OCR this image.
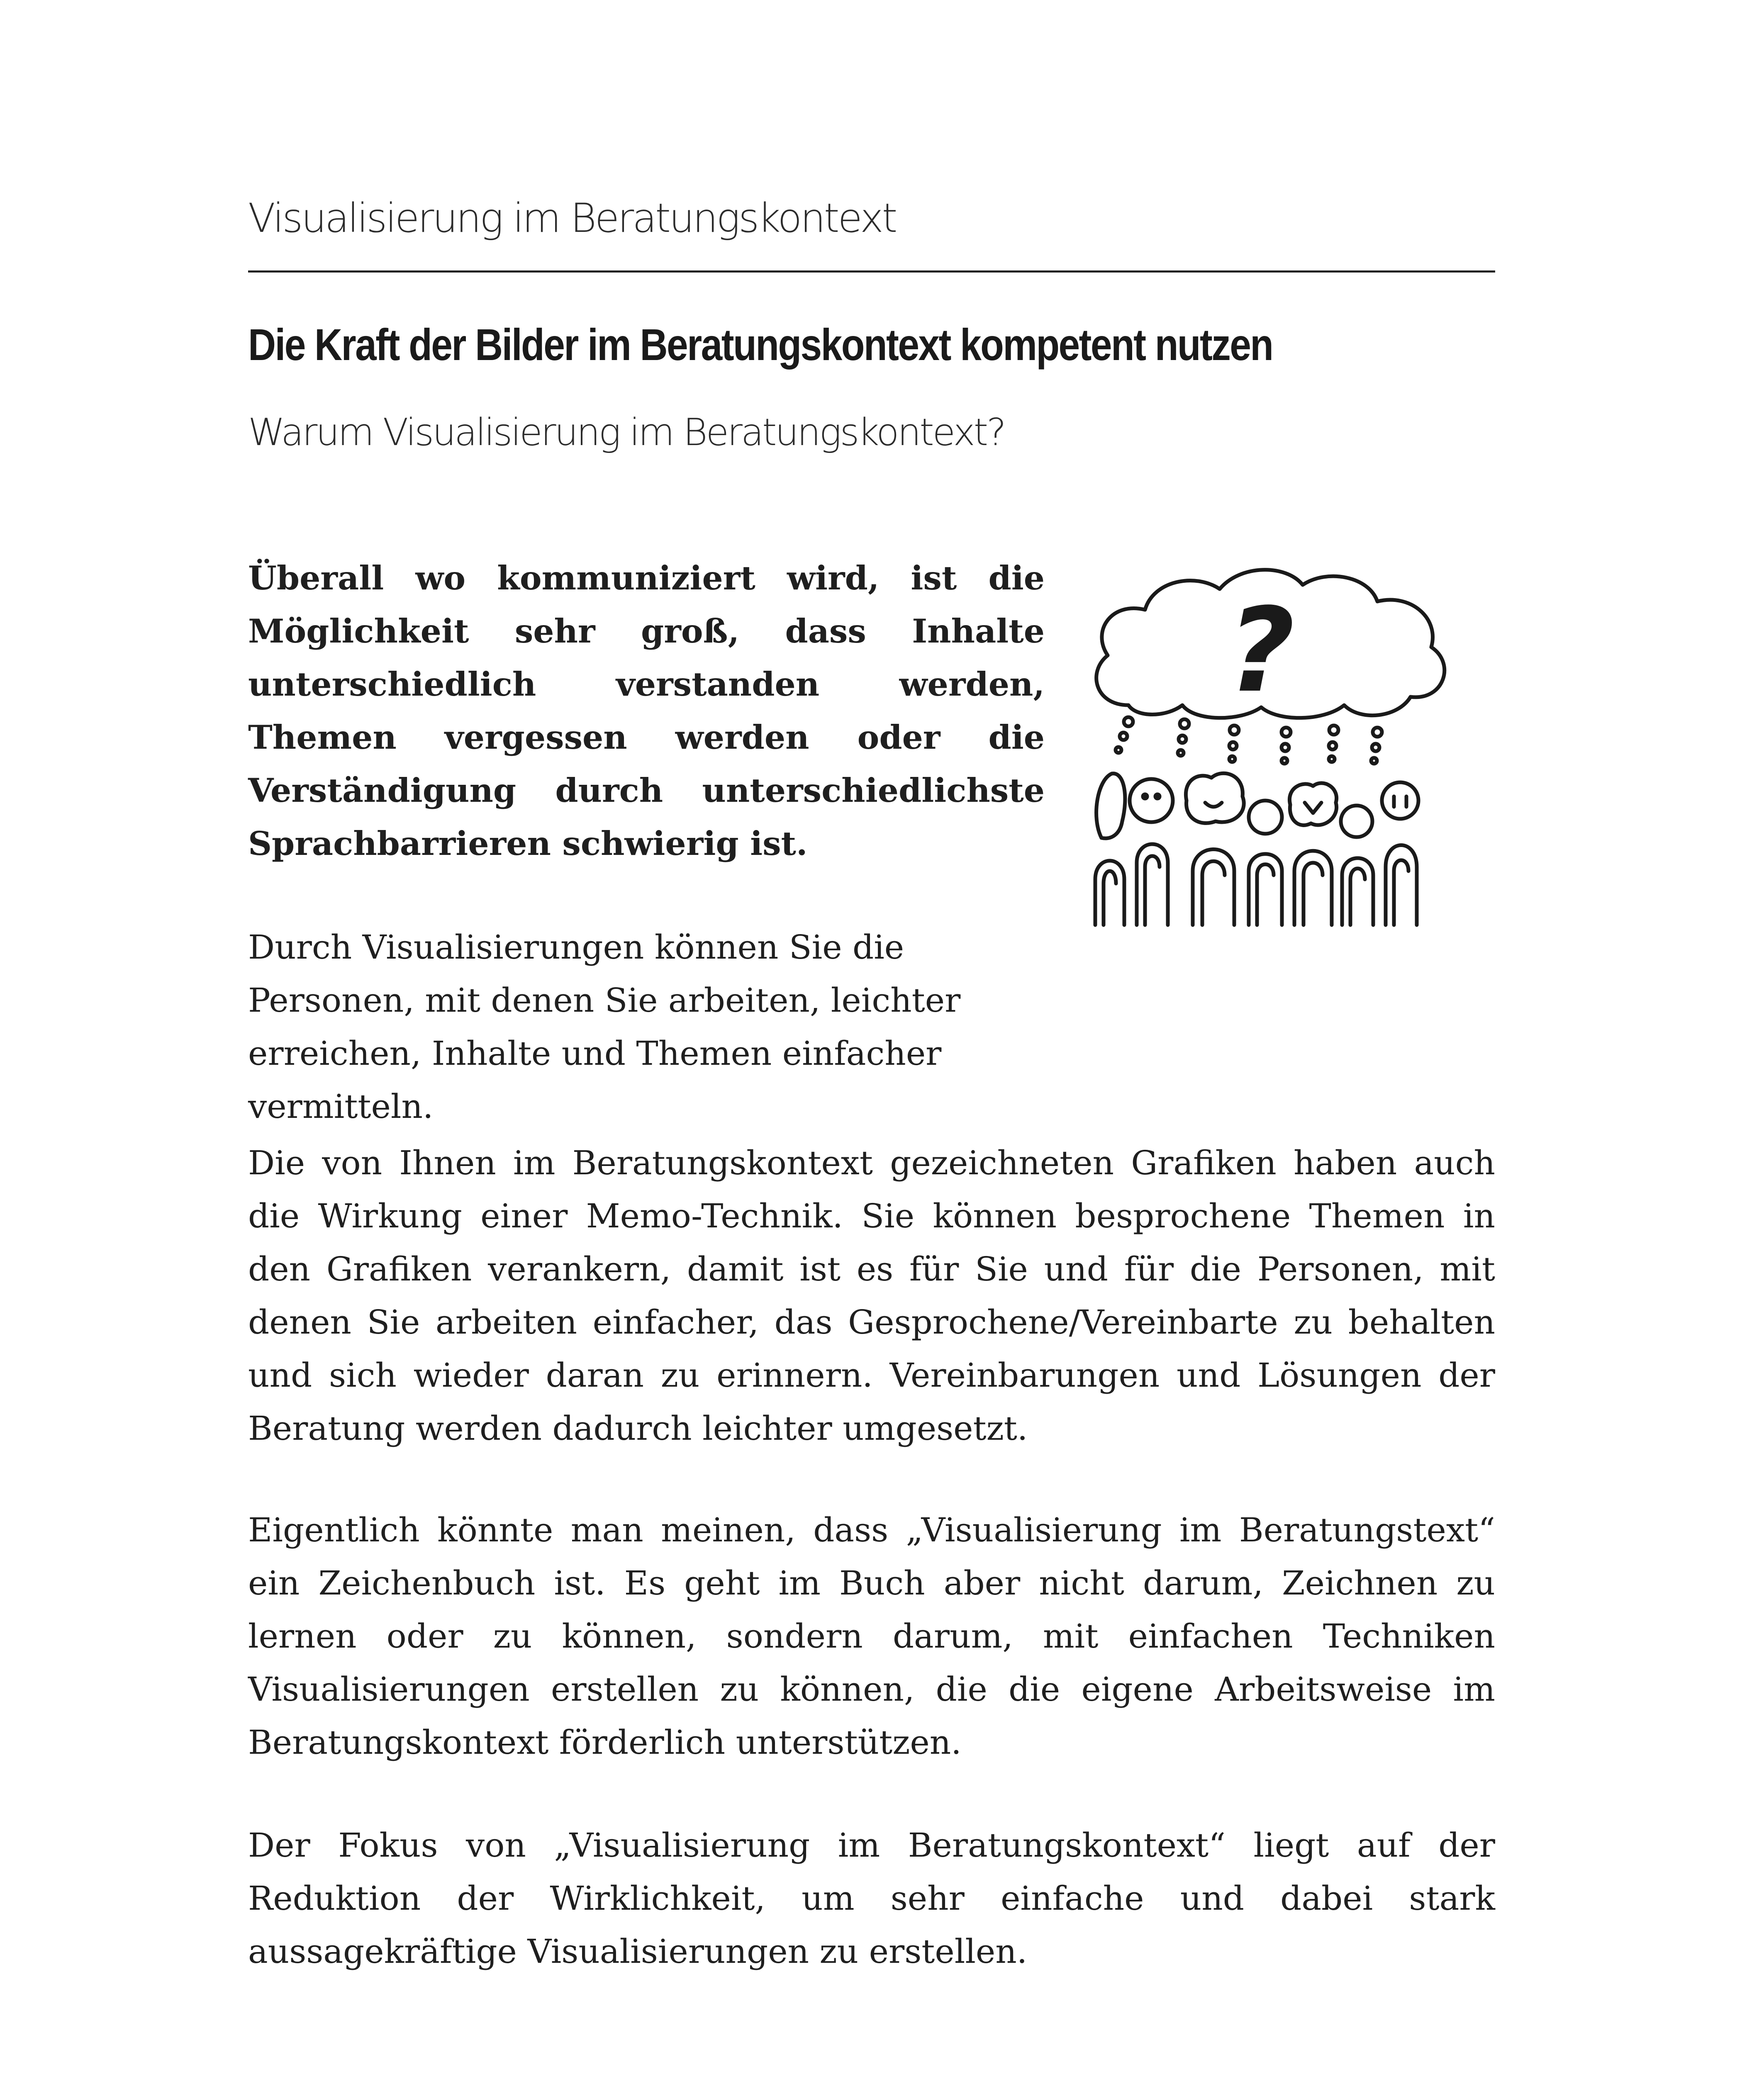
Visualisierung im Beratungskontext
Die Kraft der Bilder im Beratungskontext kompetent nutzen
Warum Visualisierung im Beratungskontext?

Überall wo kommuniziert wird, ist die Möglichkeit sehr groß, dass Inhalte unterschiedlich verstanden werden, Themen vergessen werden oder die Verständigung durch unterschiedlichste Sprachbarrieren schwierig ist.

?

Durch Visualisierungen können Sie die Personen, mit denen Sie arbeiten, leichter erreichen, Inhalte und Themen einfacher vermitteln.

Die von Ihnen im Beratungskontext gezeichneten Grafiken haben auch die Wirkung einer Memo-Technik. Sie können besprochene Themen in den Grafiken verankern, damit ist es für Sie und für die Personen, mit denen Sie arbeiten einfacher, das Gesprochene/Vereinbarte zu behalten und sich wieder daran zu erinnern. Vereinbarungen und Lösungen der Beratung werden dadurch leichter umgesetzt.

Eigentlich könnte man meinen, dass „Visualisierung im Beratungstext“ ein Zeichenbuch ist. Es geht im Buch aber nicht darum, Zeichnen zu lernen oder zu können, sondern darum, mit einfachen Techniken Visualisierungen erstellen zu können, die die eigene Arbeitsweise im Beratungskontext förderlich unterstützen.

Der Fokus von „Visualisierung im Beratungskontext“ liegt auf der Reduktion der Wirklichkeit, um sehr einfache und dabei stark aussagekräftige Visualisierungen zu erstellen.
